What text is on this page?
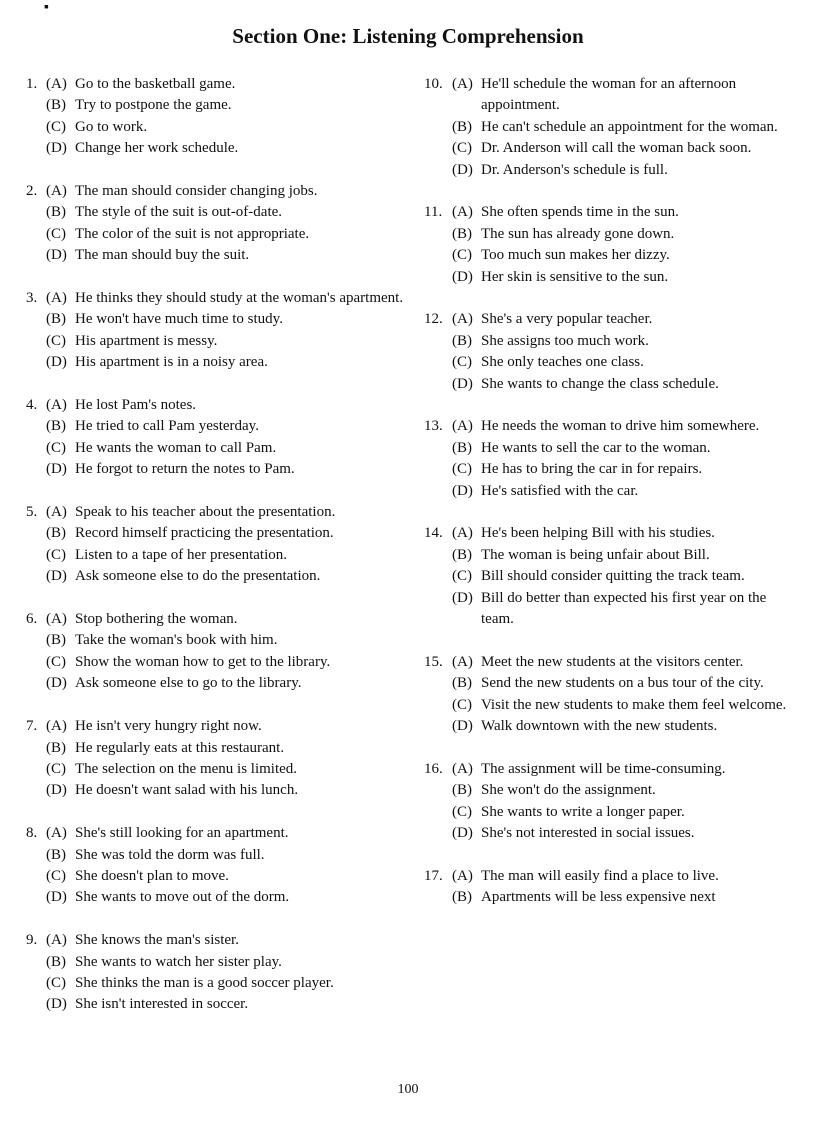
▪
Section One: Listening Comprehension
1. (A) Go to the basketball game.
(B) Try to postpone the game.
(C) Go to work.
(D) Change her work schedule.
2. (A) The man should consider changing jobs.
(B) The style of the suit is out-of-date.
(C) The color of the suit is not appropriate.
(D) The man should buy the suit.
3. (A) He thinks they should study at the woman's apartment.
(B) He won't have much time to study.
(C) His apartment is messy.
(D) His apartment is in a noisy area.
4. (A) He lost Pam's notes.
(B) He tried to call Pam yesterday.
(C) He wants the woman to call Pam.
(D) He forgot to return the notes to Pam.
5. (A) Speak to his teacher about the presentation.
(B) Record himself practicing the presentation.
(C) Listen to a tape of her presentation.
(D) Ask someone else to do the presentation.
6. (A) Stop bothering the woman.
(B) Take the woman's book with him.
(C) Show the woman how to get to the library.
(D) Ask someone else to go to the library.
7. (A) He isn't very hungry right now.
(B) He regularly eats at this restaurant.
(C) The selection on the menu is limited.
(D) He doesn't want salad with his lunch.
8. (A) She's still looking for an apartment.
(B) She was told the dorm was full.
(C) She doesn't plan to move.
(D) She wants to move out of the dorm.
9. (A) She knows the man's sister.
(B) She wants to watch her sister play.
(C) She thinks the man is a good soccer player.
(D) She isn't interested in soccer.
10. (A) He'll schedule the woman for an afternoon appointment.
(B) He can't schedule an appointment for the woman.
(C) Dr. Anderson will call the woman back soon.
(D) Dr. Anderson's schedule is full.
11. (A) She often spends time in the sun.
(B) The sun has already gone down.
(C) Too much sun makes her dizzy.
(D) Her skin is sensitive to the sun.
12. (A) She's a very popular teacher.
(B) She assigns too much work.
(C) She only teaches one class.
(D) She wants to change the class schedule.
13. (A) He needs the woman to drive him somewhere.
(B) He wants to sell the car to the woman.
(C) He has to bring the car in for repairs.
(D) He's satisfied with the car.
14. (A) He's been helping Bill with his studies.
(B) The woman is being unfair about Bill.
(C) Bill should consider quitting the track team.
(D) Bill do better than expected his first year on the team.
15. (A) Meet the new students at the visitors center.
(B) Send the new students on a bus tour of the city.
(C) Visit the new students to make them feel welcome.
(D) Walk downtown with the new students.
16. (A) The assignment will be time-consuming.
(B) She won't do the assignment.
(C) She wants to write a longer paper.
(D) She's not interested in social issues.
17. (A) The man will easily find a place to live.
(B) Apartments will be less expensive next
100
